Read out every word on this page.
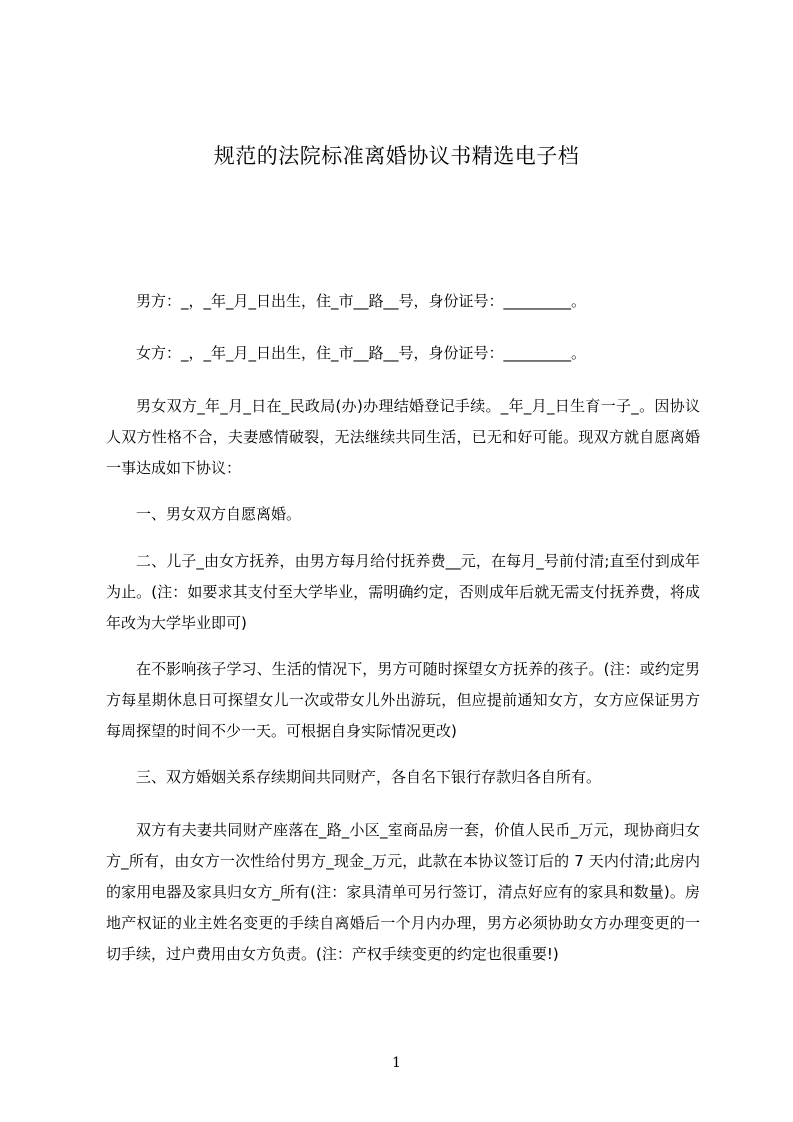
规范的法院标准离婚协议书精选电子档

男方：_，_年_月_日出生，住_市__路__号，身份证号：_________。

女方：_，_年_月_日出生，住_市__路__号，身份证号：_________。

男女双方_年_月_日在_民政局(办)办理结婚登记手续。_年_月_日生育一子_。因协议人双方性格不合，夫妻感情破裂，无法继续共同生活，已无和好可能。现双方就自愿离婚一事达成如下协议：

一、男女双方自愿离婚。

二、儿子_由女方抚养，由男方每月给付抚养费__元，在每月_号前付清;直至付到成年为止。(注：如要求其支付至大学毕业，需明确约定，否则成年后就无需支付抚养费，将成年改为大学毕业即可)

在不影响孩子学习、生活的情况下，男方可随时探望女方抚养的孩子。(注：或约定男方每星期休息日可探望女儿一次或带女儿外出游玩，但应提前通知女方，女方应保证男方每周探望的时间不少一天。可根据自身实际情况更改)

三、双方婚姻关系存续期间共同财产，各自名下银行存款归各自所有。

双方有夫妻共同财产座落在_路_小区_室商品房一套，价值人民币_万元，现协商归女方_所有，由女方一次性给付男方_现金_万元，此款在本协议签订后的 7 天内付清;此房内的家用电器及家具归女方_所有(注：家具清单可另行签订，清点好应有的家具和数量)。房地产权证的业主姓名变更的手续自离婚后一个月内办理，男方必须协助女方办理变更的一切手续，过户费用由女方负责。(注：产权手续变更的约定也很重要!)

1
